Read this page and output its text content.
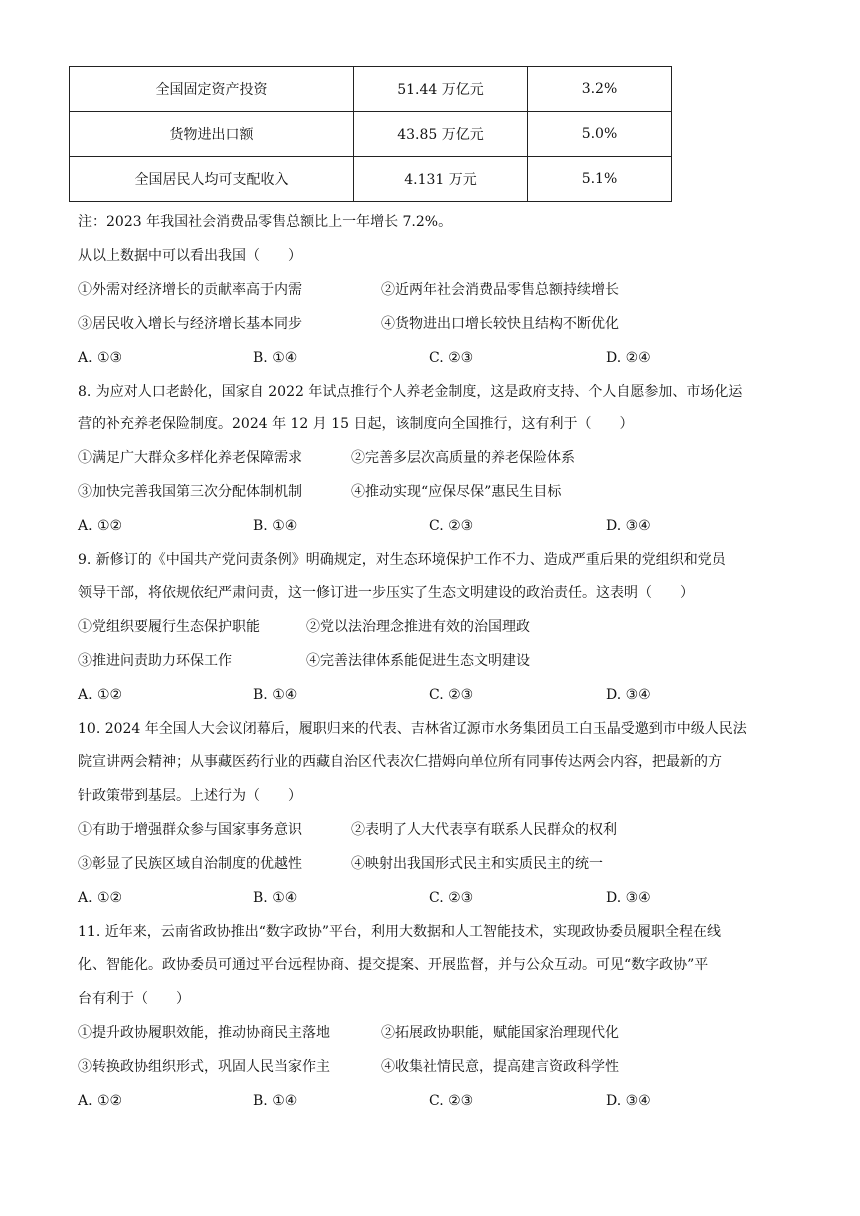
全国固定资产投资	51.44 万亿元	3.2%
货物进出口额	43.85 万亿元	5.0%
全国居民人均可支配收入	4.131 万元	5.1%
注：2023 年我国社会消费品零售总额比上一年增长 7.2%。
从以上数据中可以看出我国（　　）
①外需对经济增长的贡献率高于内需	②近两年社会消费品零售总额持续增长
③居民收入增长与经济增长基本同步	④货物进出口增长较快且结构不断优化
A. ①③	B. ①④	C. ②③	D. ②④
8. 为应对人口老龄化，国家自 2022 年试点推行个人养老金制度，这是政府支持、个人自愿参加、市场化运
营的补充养老保险制度。2024 年 12 月 15 日起，该制度向全国推行，这有利于（　　）
①满足广大群众多样化养老保障需求	②完善多层次高质量的养老保险体系
③加快完善我国第三次分配体制机制	④推动实现“应保尽保”惠民生目标
A. ①②	B. ①④	C. ②③	D. ③④
9. 新修订的《中国共产党问责条例》明确规定，对生态环境保护工作不力、造成严重后果的党组织和党员
领导干部，将依规依纪严肃问责，这一修订进一步压实了生态文明建设的政治责任。这表明（　　）
①党组织要履行生态保护职能	②党以法治理念推进有效的治国理政
③推进问责助力环保工作	④完善法律体系能促进生态文明建设
A. ①②	B. ①④	C. ②③	D. ③④
10. 2024 年全国人大会议闭幕后，履职归来的代表、吉林省辽源市水务集团员工白玉晶受邀到市中级人民法
院宣讲两会精神；从事藏医药行业的西藏自治区代表次仁措姆向单位所有同事传达两会内容，把最新的方
针政策带到基层。上述行为（　　）
①有助于增强群众参与国家事务意识	②表明了人大代表享有联系人民群众的权利
③彰显了民族区域自治制度的优越性	④映射出我国形式民主和实质民主的统一
A. ①②	B. ①④	C. ②③	D. ③④
11. 近年来，云南省政协推出“数字政协”平台，利用大数据和人工智能技术，实现政协委员履职全程在线
化、智能化。政协委员可通过平台远程协商、提交提案、开展监督，并与公众互动。可见“数字政协”平
台有利于（　　）
①提升政协履职效能，推动协商民主落地	②拓展政协职能，赋能国家治理现代化
③转换政协组织形式，巩固人民当家作主	④收集社情民意，提高建言资政科学性
A. ①②	B. ①④	C. ②③	D. ③④
